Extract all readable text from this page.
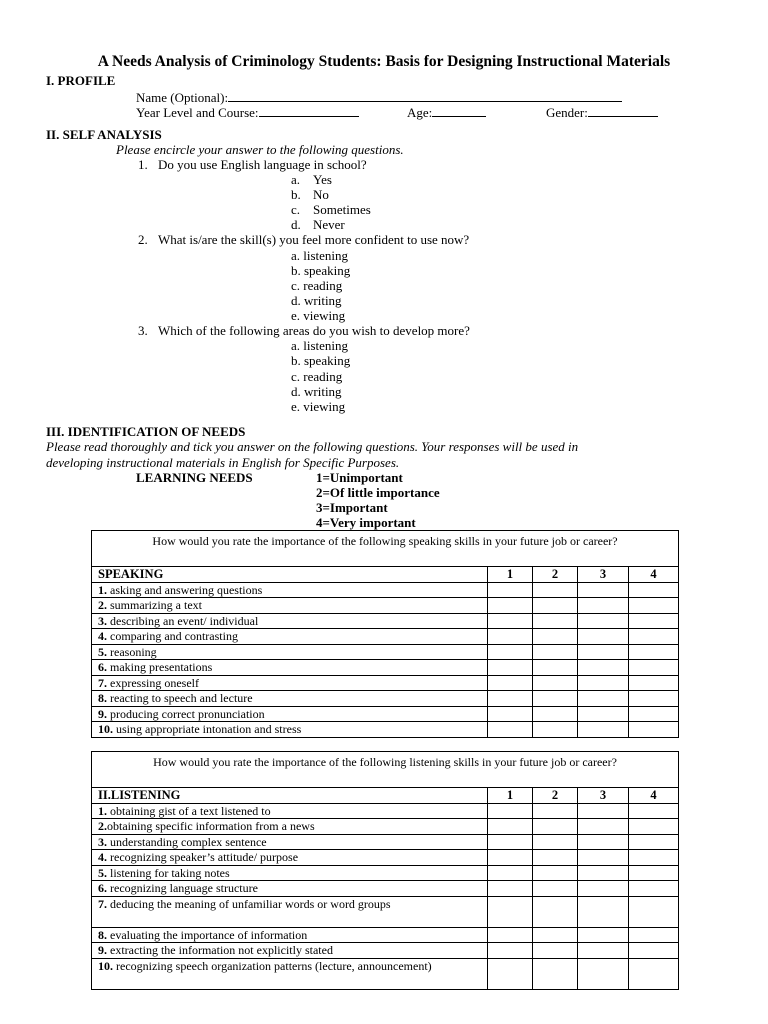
A Needs Analysis of Criminology Students: Basis for Designing Instructional Materials
I. PROFILE
Name (Optional):
Year Level and Course:	Age:	Gender:
II. SELF ANALYSIS
Please encircle your answer to the following questions.
1. Do you use English language in school?
a. Yes
b. No
c. Sometimes
d. Never
2. What is/are the skill(s) you feel more confident to use now?
a. listening
b. speaking
c. reading
d. writing
e. viewing
3. Which of the following areas do you wish to develop more?
a. listening
b. speaking
c. reading
d. writing
e. viewing
III. IDENTIFICATION OF NEEDS
Please read thoroughly and tick you answer on the following questions. Your responses will be used in
developing instructional materials in English for Specific Purposes.
LEARNING NEEDS	1=Unimportant
2=Of little importance
3=Important
4=Very important
How would you rate the importance of the following speaking skills in your future job or career?				
SPEAKING	1	2	3	4
1. asking and answering questions				
2. summarizing a text				
3. describing an event/ individual				
4. comparing and contrasting				
5. reasoning				
6. making presentations				
7. expressing oneself				
8. reacting to speech and lecture				
9. producing correct pronunciation				
10. using appropriate intonation and stress				
How would you rate the importance of the following listening skills in your future job or career?				
II.LISTENING	1	2	3	4
1. obtaining gist of a text listened to				
2.obtaining specific information from a news				
3. understanding complex sentence				
4. recognizing speaker’s attitude/ purpose				
5. listening for taking notes				
6. recognizing language structure				
7. deducing the meaning of unfamiliar words or word groups				
8. evaluating the importance of information				
9. extracting the information not explicitly stated				
10. recognizing speech organization patterns (lecture, announcement)				
